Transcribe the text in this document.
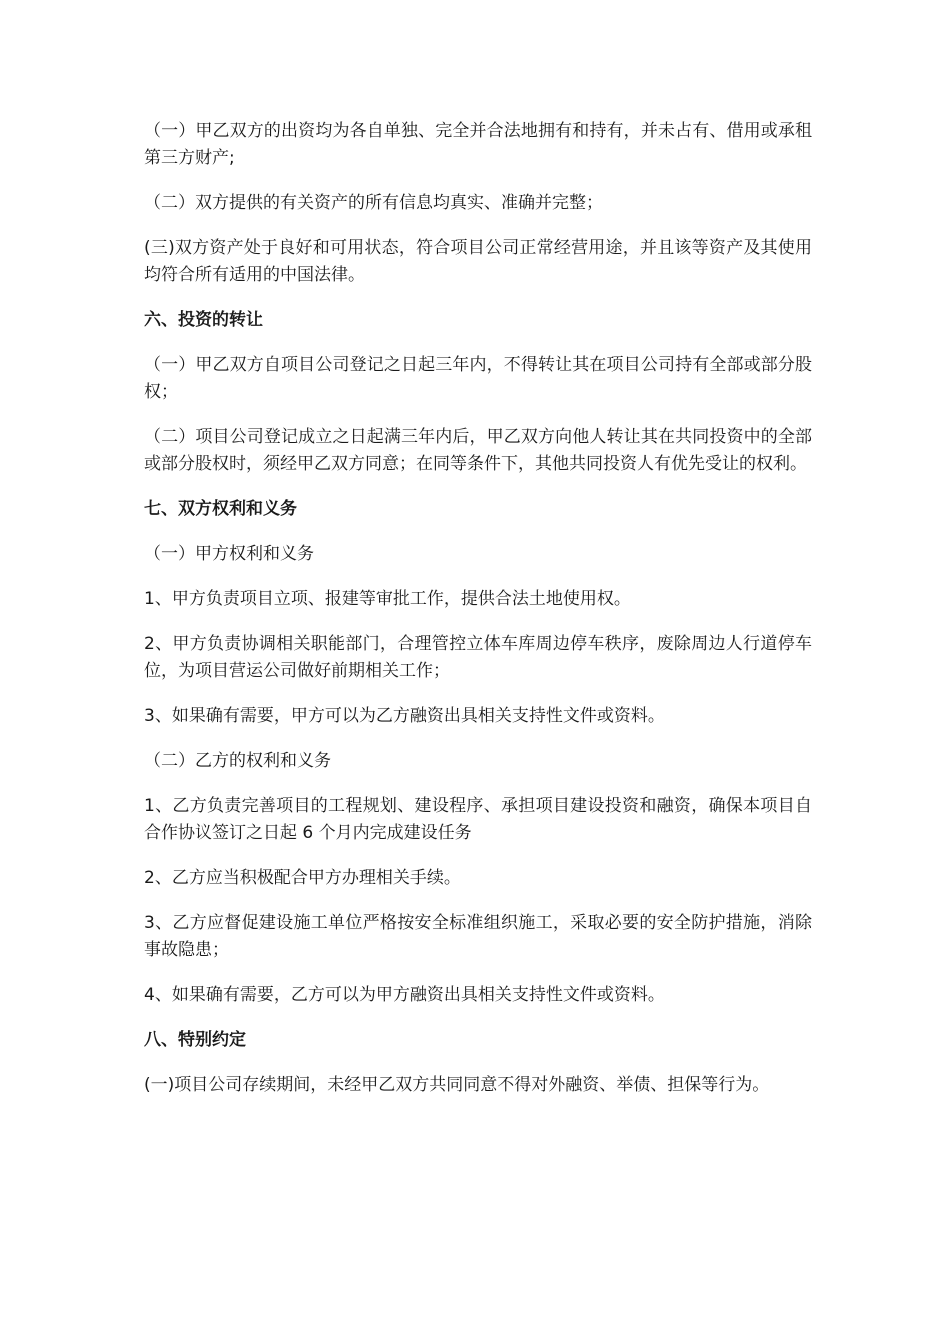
（一）甲乙双方的出资均为各自单独、完全并合法地拥有和持有，并未占有、借用或承租第三方财产;

（二）双方提供的有关资产的所有信息均真实、准确并完整；

(三)双方资产处于良好和可用状态，符合项目公司正常经营用途，并且该等资产及其使用均符合所有适用的中国法律。

六、投资的转让

（一）甲乙双方自项目公司登记之日起三年内，不得转让其在项目公司持有全部或部分股权；

（二）项目公司登记成立之日起满三年内后，甲乙双方向他人转让其在共同投资中的全部或部分股权时，须经甲乙双方同意；在同等条件下，其他共同投资人有优先受让的权利。

七、双方权利和义务

（一）甲方权利和义务

1、甲方负责项目立项、报建等审批工作，提供合法土地使用权。

2、甲方负责协调相关职能部门，合理管控立体车库周边停车秩序，废除周边人行道停车位，为项目营运公司做好前期相关工作；

3、如果确有需要，甲方可以为乙方融资出具相关支持性文件或资料。

（二）乙方的权利和义务

1、乙方负责完善项目的工程规划、建设程序、承担项目建设投资和融资，确保本项目自合作协议签订之日起 6 个月内完成建设任务

2、乙方应当积极配合甲方办理相关手续。

3、乙方应督促建设施工单位严格按安全标准组织施工，采取必要的安全防护措施，消除事故隐患；

4、如果确有需要，乙方可以为甲方融资出具相关支持性文件或资料。

八、特别约定

(一)项目公司存续期间，未经甲乙双方共同同意不得对外融资、举债、担保等行为。
